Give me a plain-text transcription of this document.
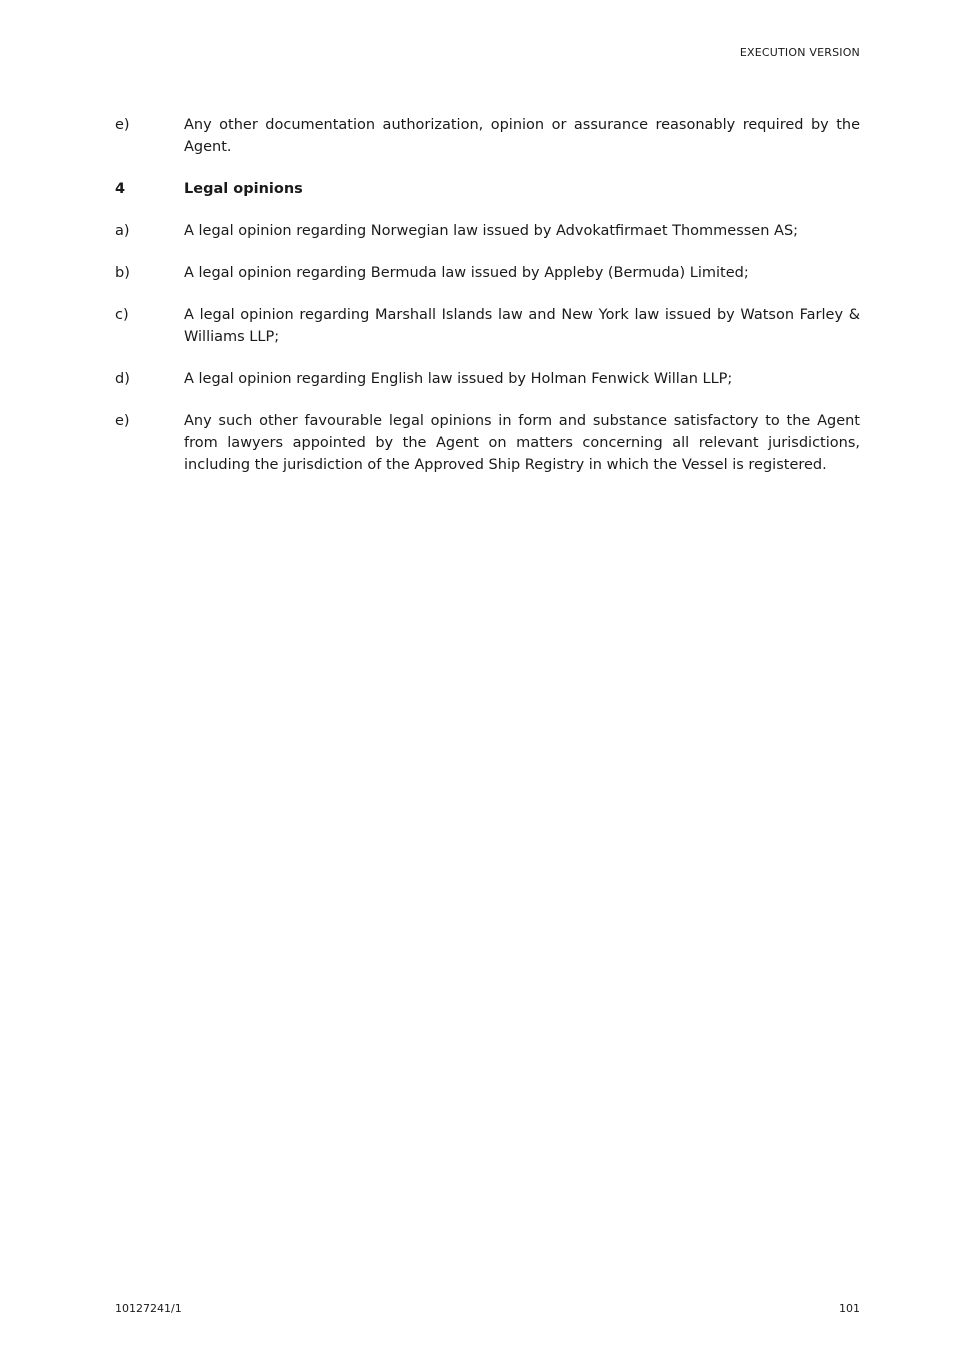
EXECUTION VERSION
e)	Any other documentation authorization, opinion or assurance reasonably required by the Agent.
4	Legal opinions
a)	A legal opinion regarding Norwegian law issued by Advokatfirmaet Thommessen AS;
b)	A legal opinion regarding Bermuda law issued by Appleby (Bermuda) Limited;
c)	A legal opinion regarding Marshall Islands law and New York law issued by Watson Farley & Williams LLP;
d)	A legal opinion regarding English law issued by Holman Fenwick Willan LLP;
e)	Any such other favourable legal opinions in form and substance satisfactory to the Agent from lawyers appointed by the Agent on matters concerning all relevant jurisdictions, including the jurisdiction of the Approved Ship Registry in which the Vessel is registered.
10127241/1	101
